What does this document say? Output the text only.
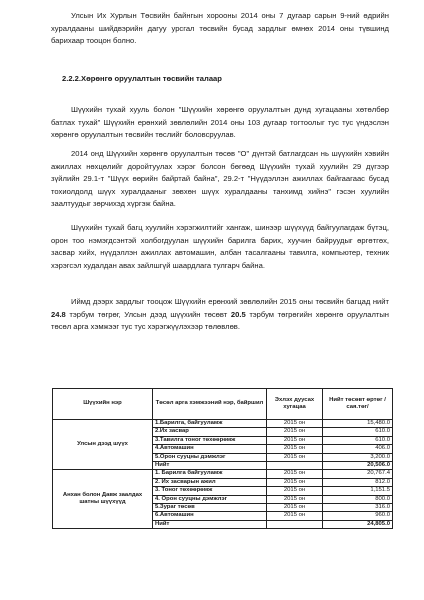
Улсын Их Хурлын Төсвийн байнгын хорооны 2014 оны 7 дугаар сарын 9-ний өдрийн хуралдааны шийдвэрийн дагуу урсгал төсвийн бусад зардлыг өмнөх 2014 оны түвшинд барихаар тооцон болно.

2.2.2.Хөрөнгө оруулалтын төсвийн талаар

Шүүхийн тухай хууль болон "Шүүхийн хөрөнгө оруулалтын дунд хугацааны хөтөлбөр батлах тухай" Шүүхийн ерөнхий зөвлөлийн 2014 оны 103 дугаар тогтоолыг тус тус үндэслэн хөрөнгө оруулалтын төсвийн төслийг боловсруулав.

2014 онд Шүүхийн хөрөнгө оруулалтын төсөв "О" дүнтэй батлагдсан нь шүүхийн хэвийн ажиллах нөхцөлийг доройтуулах хэрэг болсон бөгөөд Шүүхийн тухай хуулийн 29 дүгээр зүйлийн 29.1-т "Шүүх өөрийн байртай байна", 29.2-т "Нүүдэллэн ажиллах байгаагаас бусад тохиолдолд шүүх хуралдааныг зөвхөн шүүх хуралдааны танхимд хийнэ" гэсэн хуулийн заалтуудыг зөрчихэд хүргэж байна.

Шүүхийн тухай багц хуулийн хэрэгжилтийг хангаж, шинээр шүүхүүд байгуулагдаж бүтэц, орон тоо нэмэгдсэнтэй холбогдуулан шүүхийн барилга барих, хуучин байруудыг өргөтгөх, засвар хийх, нүүдэллэн ажиллах автомашин, албан тасалгааны тавилга, компьютер, техник хэрэгсэл худалдан авах зайлшгүй шаардлага тулгарч байна.

Иймд дээрх зардлыг тооцож Шүүхийн ерөнхий зөвлөлийн 2015 оны төсвийн багцад нийт 24.8 тэрбум төгрөг, Улсын дээд шүүхийн төсөвт 20.5 тэрбум төгрөгийн хөрөнгө оруулалтын төсөл арга хэмжээг тус тус хэрэгжүүлэхээр төлөвлөв.

Шүүхийн нэр	Төсөл арга хэмжээний нэр, байршил	Эхлэх дуусах хугацаа	Нийт төсөвт өртөг /сая.төг/
Улсын дээд шүүх	1.Барилга, байгууламж	2015 он	15,480.0
	2.Их засвар	2015 он	610.0
	3.Тавилга тоног төхөөрөмж	2015 он	610.0
	4.Автомашин	2015 он	406.0
	5.Орон сууцны дэмжлэг	2015 он	3,200.0
	Нийт		20,506.0
Анхан болон Давж заалдах шатны шүүхүүд	1. Барилга байгууламж	2015 он	20,767.4
	2. Их засварын ажил	2015 он	812.0
	3. Тоног төхөөрөмж	2015 он	1,151.5
	4. Орон сууцны дэмжлэг	2015 он	800.0
	5.Зураг төсөв	2015 он	316.0
	6.Автомашин	2015 он	960.0
	Нийт		24,805.0
